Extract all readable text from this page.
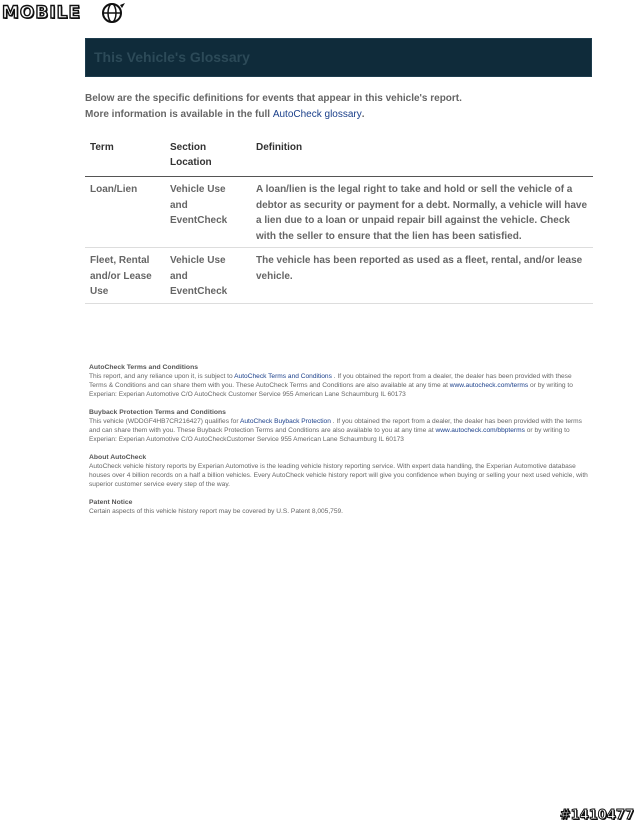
MOBILE
This Vehicle's Glossary
Below are the specific definitions for events that appear in this vehicle's report.
More information is available in the full AutoCheck glossary.
Term	Section Location	Definition
Loan/Lien	Vehicle Use and EventCheck	A loan/lien is the legal right to take and hold or sell the vehicle of a debtor as security or payment for a debt. Normally, a vehicle will have a lien due to a loan or unpaid repair bill against the vehicle. Check with the seller to ensure that the lien has been satisfied.
Fleet, Rental and/or Lease Use	Vehicle Use and EventCheck	The vehicle has been reported as used as a fleet, rental, and/or lease vehicle.
AutoCheck Terms and Conditions

This report, and any reliance upon it, is subject to AutoCheck Terms and Conditions . If you obtained the report from a dealer, the dealer has been provided with these Terms & Conditions and can share them with you. These AutoCheck Terms and Conditions are also available at any time at www.autocheck.com/terms or by writing to Experian: Experian Automotive C/O AutoCheck Customer Service 955 American Lane Schaumburg IL 60173

Buyback Protection Terms and Conditions

This vehicle (WDDGF4HB7CR216427) qualifies for AutoCheck Buyback Protection . If you obtained the report from a dealer, the dealer has been provided with the terms and can share them with you. These Buyback Protection Terms and Conditions are also available to you at any time at www.autocheck.com/bbpterms or by writing to Experian: Experian Automotive C/O AutoCheckCustomer Service 955 American Lane Schaumburg IL 60173

About AutoCheck

AutoCheck vehicle history reports by Experian Automotive is the leading vehicle history reporting service. With expert data handling, the Experian Automotive database houses over 4 billion records on a half a billion vehicles. Every AutoCheck vehicle history report will give you confidence when buying or selling your next used vehicle, with superior customer service every step of the way.

Patent Notice

Certain aspects of this vehicle history report may be covered by U.S. Patent 8,005,759.

#1410477
